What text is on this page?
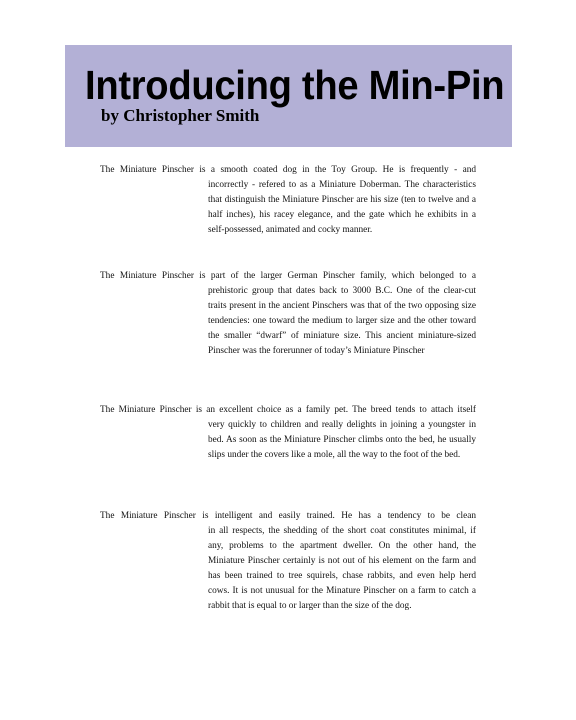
Introducing the Min-Pin

by Christopher Smith

The Miniature Pinscher is a smooth coated dog in the Toy Group. He is frequently - and
incorrectly - refered to as a Miniature Doberman. The characteristics that distinguish the Miniature Pinscher are his size (ten to twelve and a half inches), his racey elegance, and the gate which he exhibits in a self-possessed, animated and cocky manner.
The Miniature Pinscher is part of the larger German Pinscher family, which belonged to a
prehistoric group that dates back to 3000 B.C. One of the clear-cut traits present in the ancient Pinschers was that of the two opposing size tendencies: one toward the medium to larger size and the other toward the smaller “dwarf” of miniature size. This ancient miniature-sized Pinscher was the forerunner of today’s Miniature Pinscher
The Miniature Pinscher is an excellent choice as a family pet. The breed tends to attach itself
very quickly to children and really delights in joining a youngster in bed. As soon as the Miniature Pinscher climbs onto the bed, he usually slips under the covers like a mole, all the way to the foot of the bed.
The Miniature Pinscher is intelligent and easily trained. He has a tendency to be clean
in all respects, the shedding of the short coat constitutes minimal, if any, problems to the apartment dweller. On the other hand, the Miniature Pinscher certainly is not out of his element on the farm and has been trained to tree squirels, chase rabbits, and even help herd cows. It is not unusual for the Minature Pinscher on a farm to catch a rabbit that is equal to or larger than the size of the dog.
